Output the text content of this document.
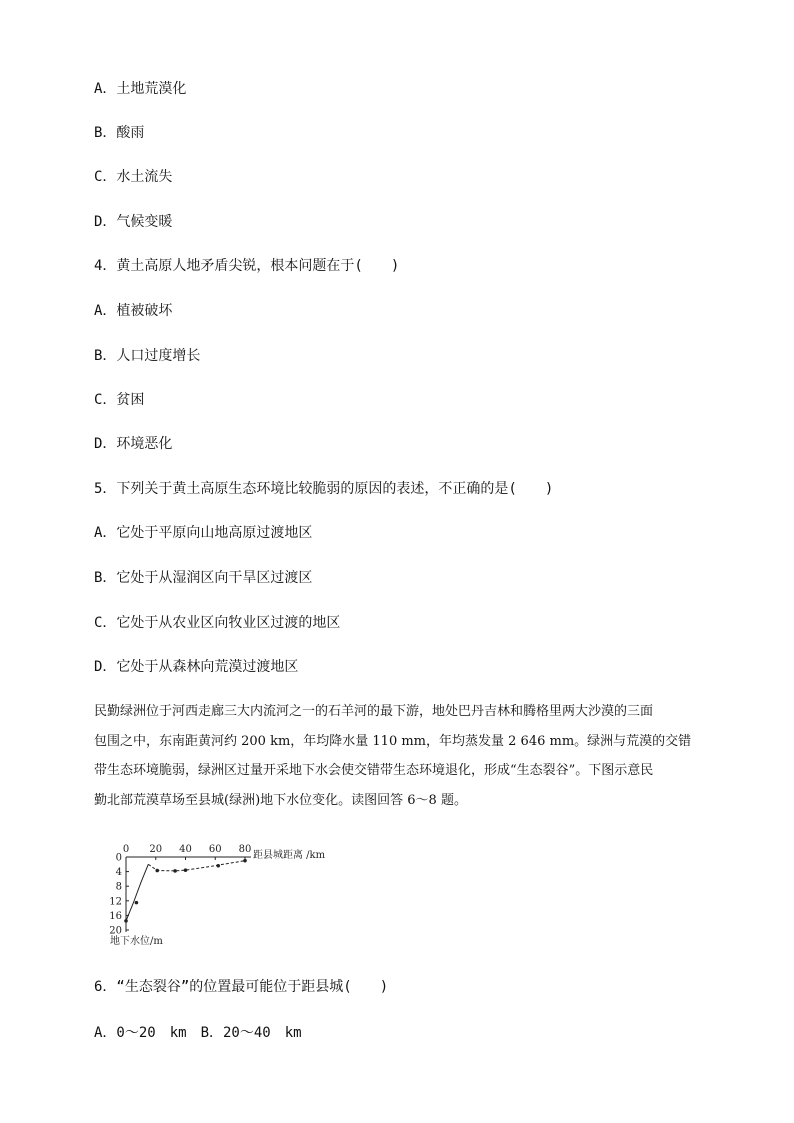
A．土地荒漠化
B．酸雨
C．水土流失
D．气候变暖
4．黄土高原人地矛盾尖锐，根本问题在于(　　)
A．植被破坏
B．人口过度增长
C．贫困
D．环境恶化
5．下列关于黄土高原生态环境比较脆弱的原因的表述，不正确的是(　　)
A．它处于平原向山地高原过渡地区
B．它处于从湿润区向干旱区过渡区
C．它处于从农业区向牧业区过渡的地区
D．它处于从森林向荒漠过渡地区

民勤绿洲位于河西走廊三大内流河之一的石羊河的最下游，地处巴丹吉林和腾格里两大沙漠的三面

包围之中，东南距黄河约 200 km，年均降水量 110 mm，年均蒸发量 2 646 mm。绿洲与荒漠的交错

带生态环境脆弱，绿洲区过量开采地下水会使交错带生态环境退化，形成“生态裂谷”。下图示意民

勤北部荒漠草场至县城(绿洲)地下水位变化。读图回答 6～8 题。

0 20 40 60 80
0
4
8
12
16
20
距县城距离 /km
地下水位/m
6．“生态裂谷”的位置最可能位于距县城(　　)
A．0～20　km　B．20～40　km
